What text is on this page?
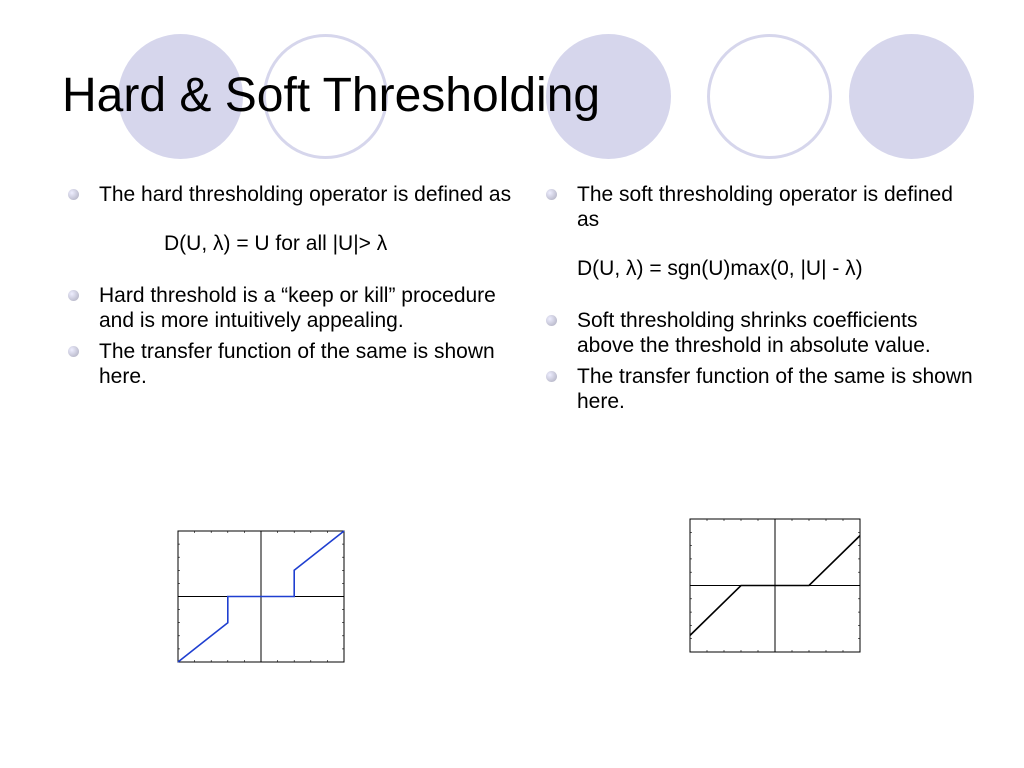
Hard & Soft Thresholding
The hard thresholding operator is defined as
D(U, λ) = U for all |U|> λ
Hard threshold is a “keep or kill” procedure and is more intuitively appealing.
The transfer function of the same is shown here.
The soft thresholding operator is defined as
D(U, λ) = sgn(U)max(0, |U| - λ)
Soft thresholding shrinks coefficients above the threshold in absolute value.
The transfer function of the same is shown here.
